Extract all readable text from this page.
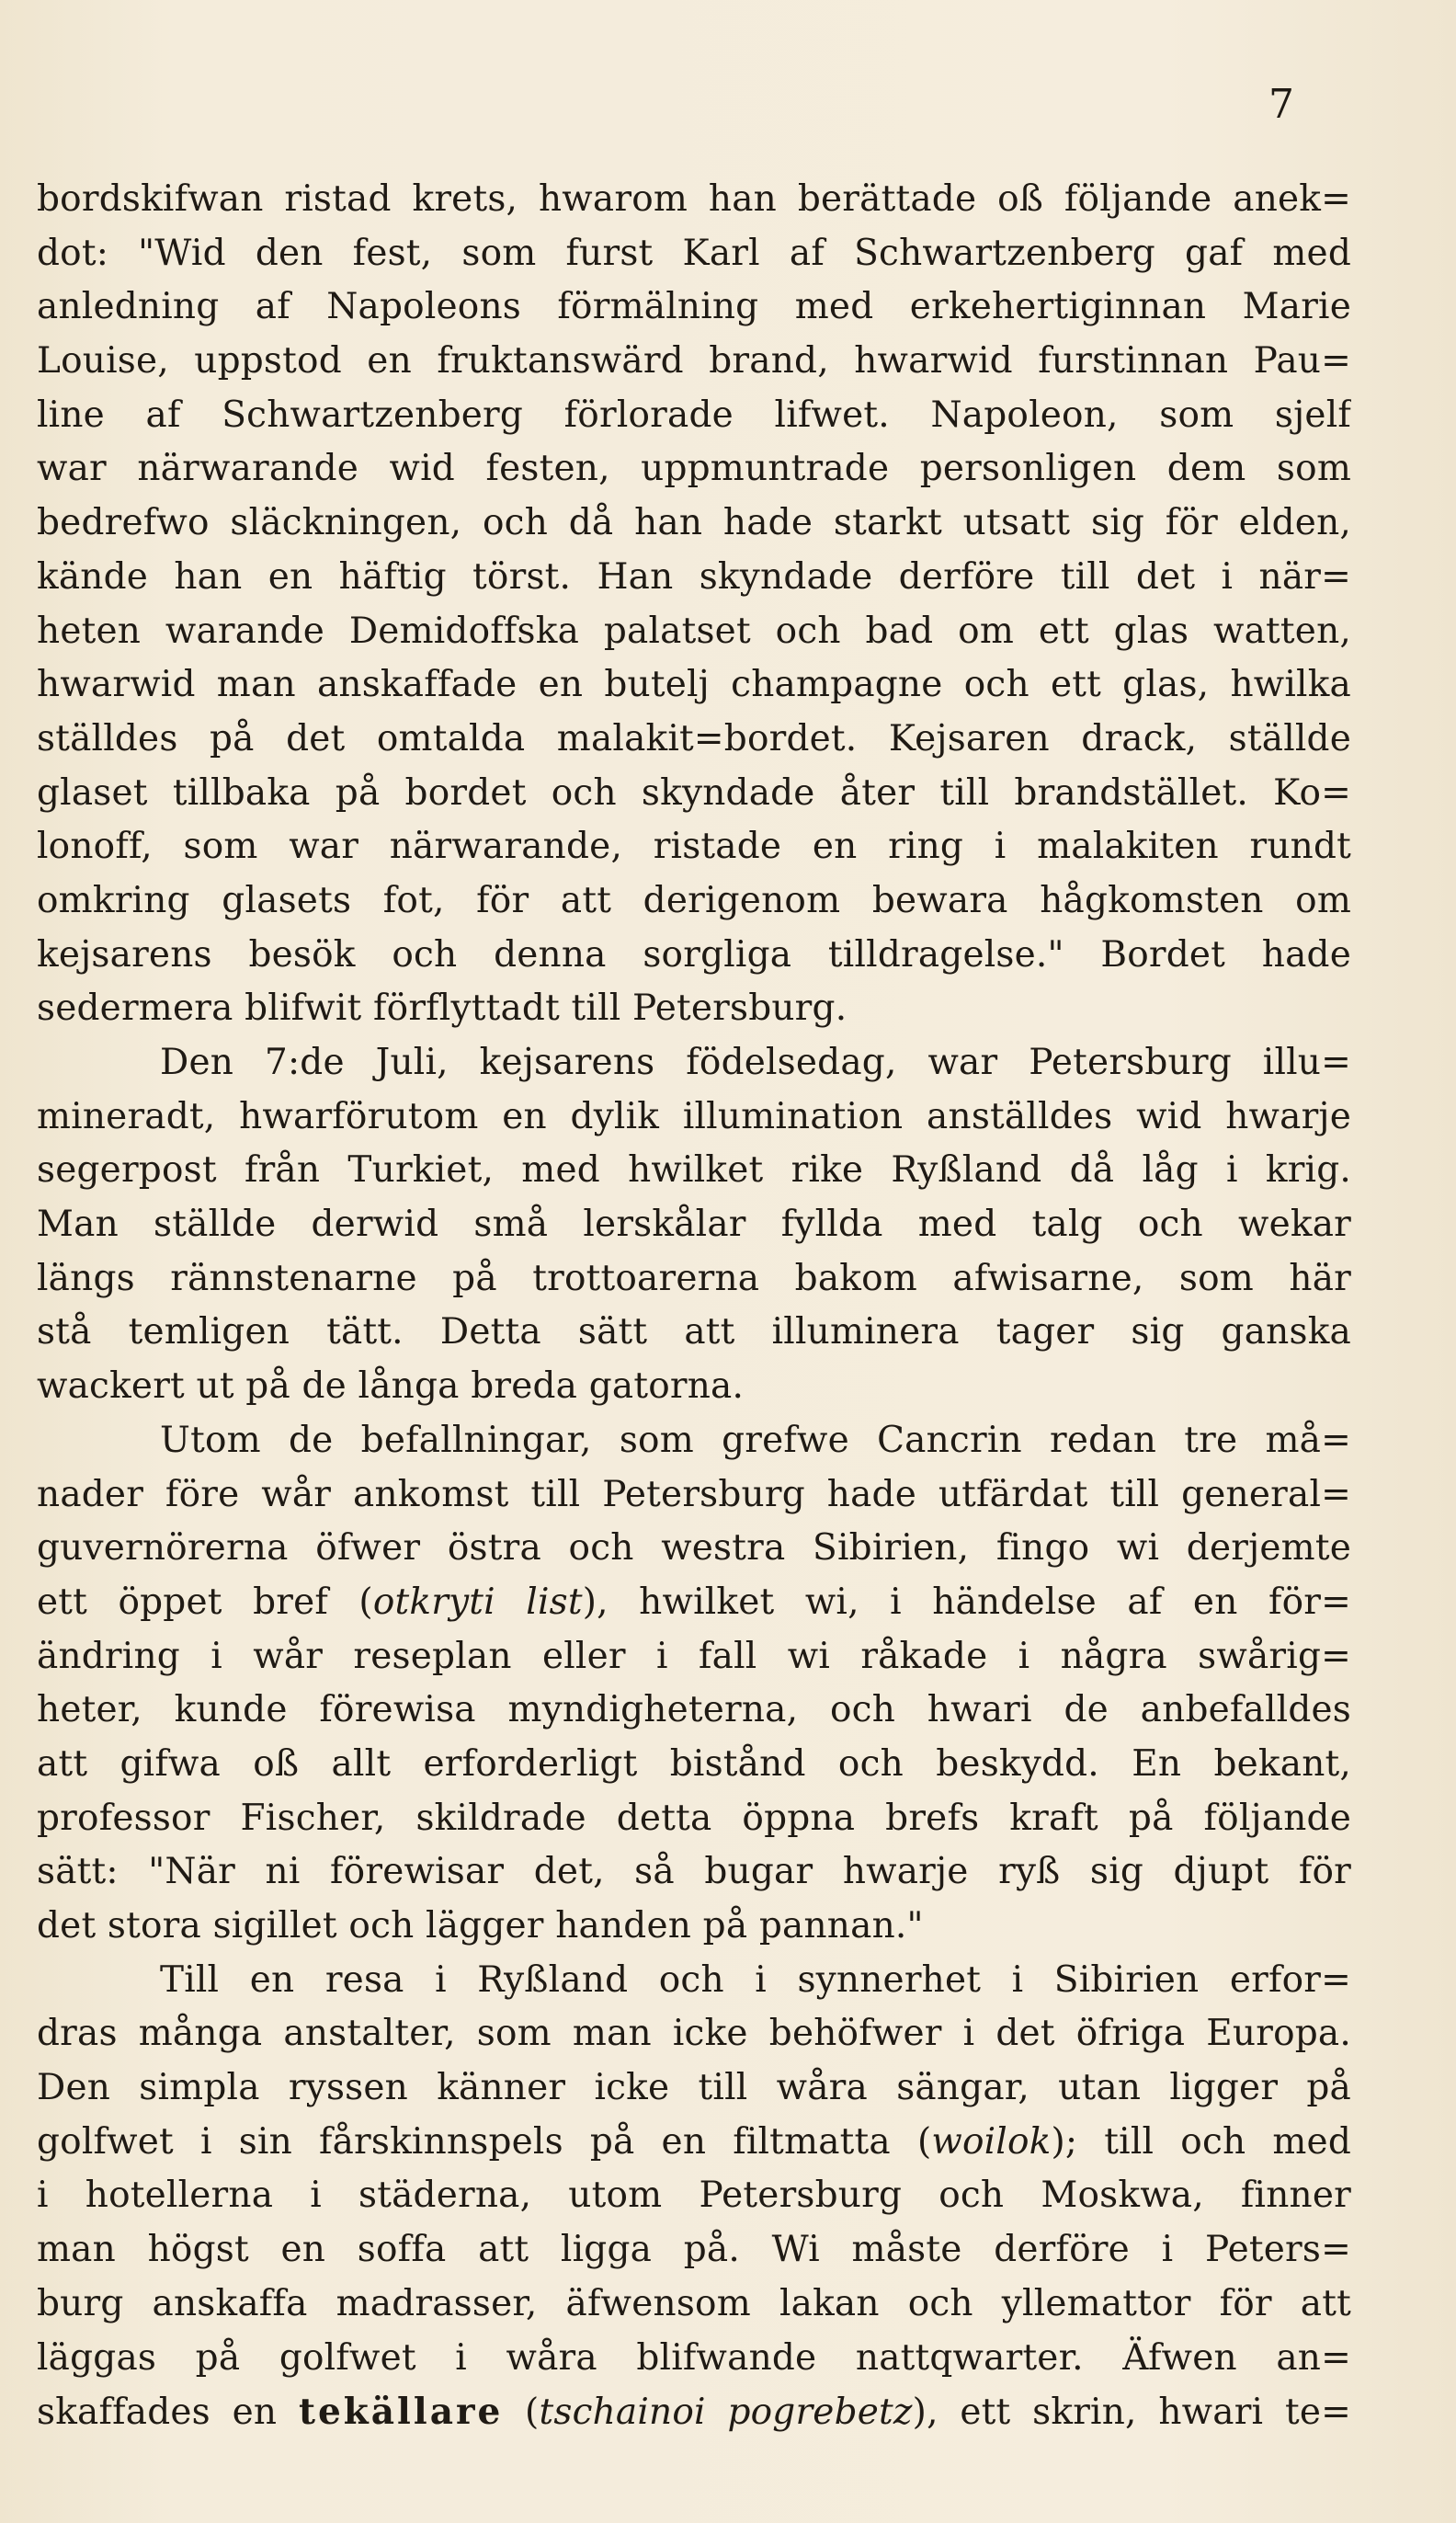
7
bordskifwan ristad krets, hwarom han berättade oß följande anek=
dot: "Wid den fest, som furst Karl af Schwartzenberg gaf med
anledning af Napoleons förmälning med erkehertiginnan Marie
Louise, uppstod en fruktanswärd brand, hwarwid furstinnan Pau=
line af Schwartzenberg förlorade lifwet. Napoleon, som sjelf
war närwarande wid festen, uppmuntrade personligen dem som
bedrefwo släckningen, och då han hade starkt utsatt sig för elden,
kände han en häftig törst. Han skyndade derföre till det i när=
heten warande Demidoffska palatset och bad om ett glas watten,
hwarwid man anskaffade en butelj champagne och ett glas, hwilka
ställdes på det omtalda malakit=bordet. Kejsaren drack, ställde
glaset tillbaka på bordet och skyndade åter till brandstället. Ko=
lonoff, som war närwarande, ristade en ring i malakiten rundt
omkring glasets fot, för att derigenom bewara hågkomsten om
kejsarens besök och denna sorgliga tilldragelse." Bordet hade
sedermera blifwit förflyttadt till Petersburg.
Den 7:de Juli, kejsarens födelsedag, war Petersburg illu=
mineradt, hwarförutom en dylik illumination anställdes wid hwarje
segerpost från Turkiet, med hwilket rike Ryßland då låg i krig.
Man ställde derwid små lerskålar fyllda med talg och wekar
längs rännstenarne på trottoarerna bakom afwisarne, som här
stå temligen tätt. Detta sätt att illuminera tager sig ganska
wackert ut på de långa breda gatorna.
Utom de befallningar, som grefwe Cancrin redan tre må=
nader före wår ankomst till Petersburg hade utfärdat till general=
guvernörerna öfwer östra och westra Sibirien, fingo wi derjemte
ett öppet bref (otkryti list), hwilket wi, i händelse af en för=
ändring i wår reseplan eller i fall wi råkade i några swårig=
heter, kunde förewisa myndigheterna, och hwari de anbefalldes
att gifwa oß allt erforderligt bistånd och beskydd. En bekant,
professor Fischer, skildrade detta öppna brefs kraft på följande
sätt: "När ni förewisar det, så bugar hwarje ryß sig djupt för
det stora sigillet och lägger handen på pannan."
Till en resa i Ryßland och i synnerhet i Sibirien erfor=
dras många anstalter, som man icke behöfwer i det öfriga Europa.
Den simpla ryssen känner icke till wåra sängar, utan ligger på
golfwet i sin fårskinnspels på en filtmatta (woilok); till och med
i hotellerna i städerna, utom Petersburg och Moskwa, finner
man högst en soffa att ligga på. Wi måste derföre i Peters=
burg anskaffa madrasser, äfwensom lakan och yllemattor för att
läggas på golfwet i wåra blifwande nattqwarter. Äfwen an=
skaffades en tekällare (tschainoi pogrebetz), ett skrin, hwari te=
